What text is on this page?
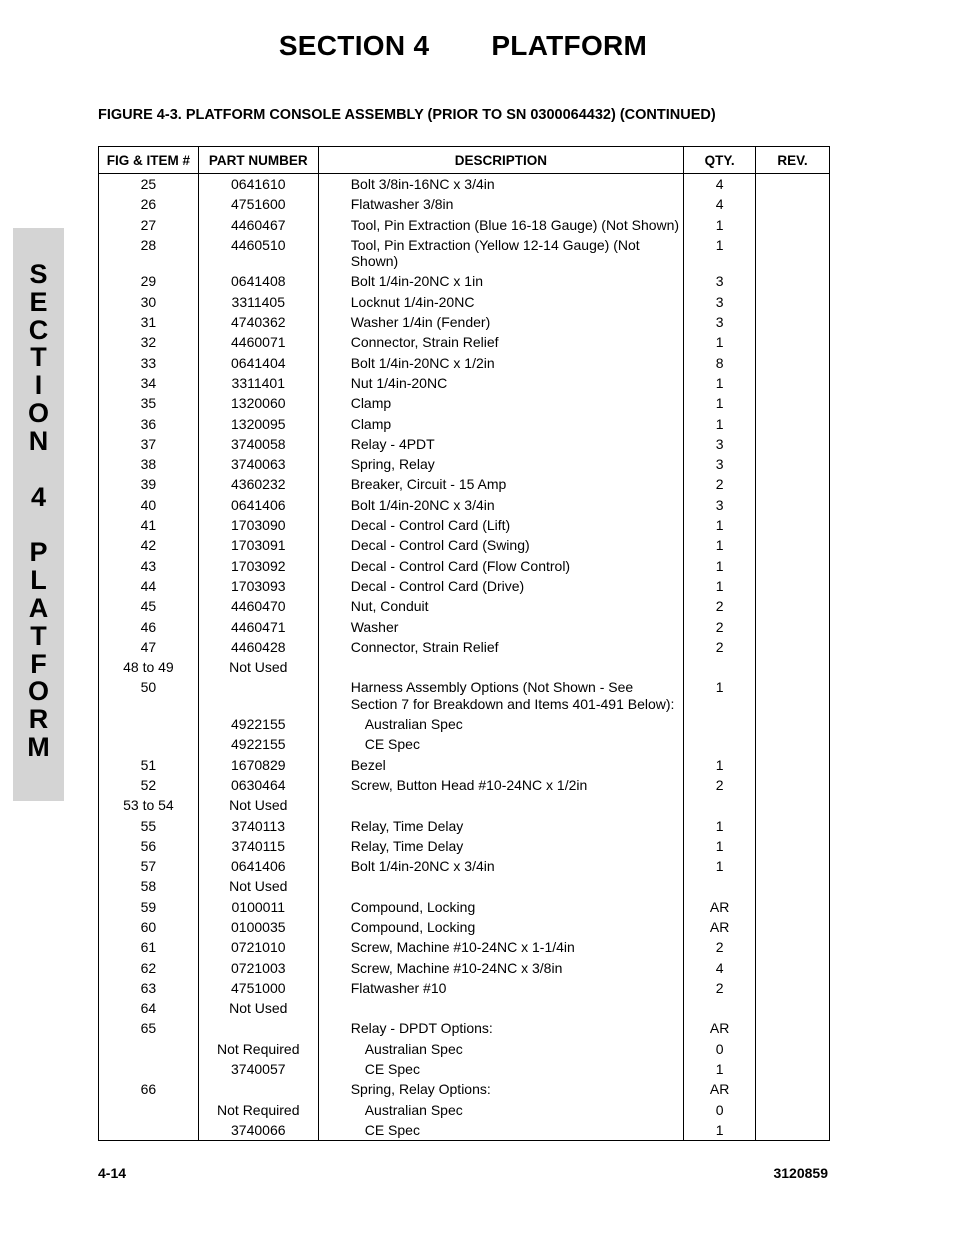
SECTION 4 PLATFORM
FIGURE 4-3. PLATFORM CONSOLE ASSEMBLY (PRIOR TO SN 0300064432) (CONTINUED)
S
E
C
T
I
O
N
4
P
L
A
T
F
O
R
M
FIG & ITEM #	PART NUMBER	DESCRIPTION	QTY.	REV.
25	0641610	Bolt 3/8in-16NC x 3/4in	4	
26	4751600	Flatwasher 3/8in	4	
27	4460467	Tool, Pin Extraction (Blue 16-18 Gauge) (Not Shown)	1	
28	4460510	Tool, Pin Extraction (Yellow 12-14 Gauge) (Not Shown)	1	
29	0641408	Bolt 1/4in-20NC x 1in	3	
30	3311405	Locknut 1/4in-20NC	3	
31	4740362	Washer 1/4in (Fender)	3	
32	4460071	Connector, Strain Relief	1	
33	0641404	Bolt 1/4in-20NC x 1/2in	8	
34	3311401	Nut 1/4in-20NC	1	
35	1320060	Clamp	1	
36	1320095	Clamp	1	
37	3740058	Relay - 4PDT	3	
38	3740063	Spring, Relay	3	
39	4360232	Breaker, Circuit - 15 Amp	2	
40	0641406	Bolt 1/4in-20NC x 3/4in	3	
41	1703090	Decal - Control Card (Lift)	1	
42	1703091	Decal - Control Card (Swing)	1	
43	1703092	Decal - Control Card (Flow Control)	1	
44	1703093	Decal - Control Card (Drive)	1	
45	4460470	Nut, Conduit	2	
46	4460471	Washer	2	
47	4460428	Connector, Strain Relief	2	
48 to 49	Not Used			
50		Harness Assembly Options (Not Shown - See Section 7 for Breakdown and Items 401-491 Below):	1	
	4922155	Australian Spec		
	4922155	CE Spec		
51	1670829	Bezel	1	
52	0630464	Screw, Button Head #10-24NC x 1/2in	2	
53 to 54	Not Used			
55	3740113	Relay, Time Delay	1	
56	3740115	Relay, Time Delay	1	
57	0641406	Bolt 1/4in-20NC x 3/4in	1	
58	Not Used			
59	0100011	Compound, Locking	AR	
60	0100035	Compound, Locking	AR	
61	0721010	Screw, Machine #10-24NC x 1-1/4in	2	
62	0721003	Screw, Machine #10-24NC x 3/8in	4	
63	4751000	Flatwasher #10	2	
64	Not Used			
65		Relay - DPDT Options:	AR	
	Not Required	Australian Spec	0	
	3740057	CE Spec	1	
66		Spring, Relay Options:	AR	
	Not Required	Australian Spec	0	
	3740066	CE Spec	1	
4-14	3120859
